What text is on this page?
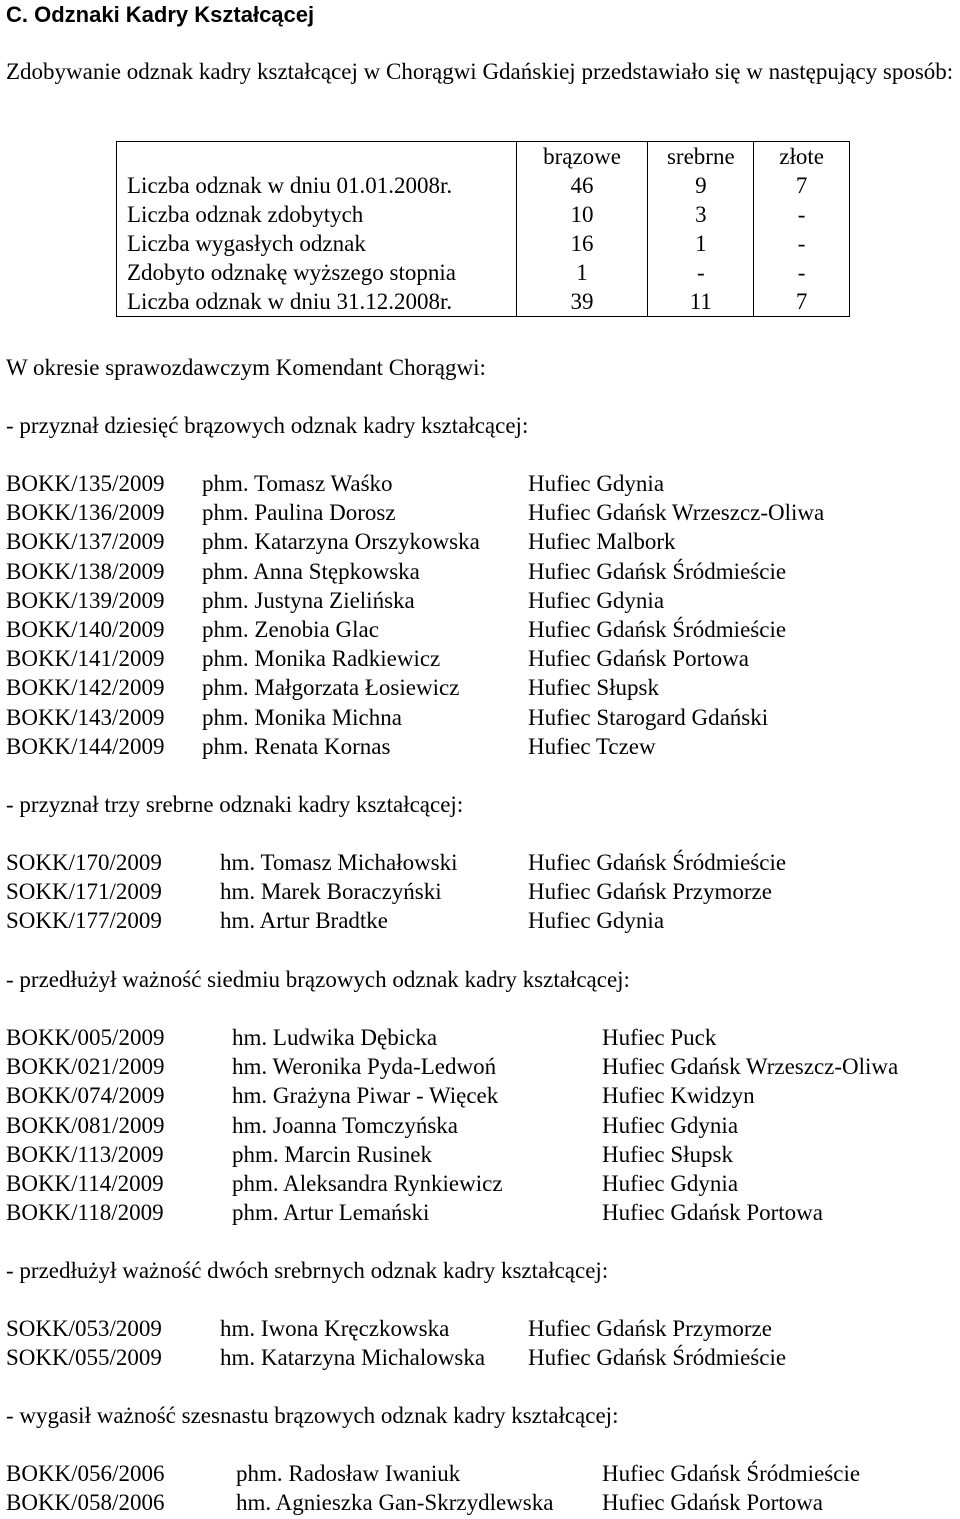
C. Odznaki Kadry Kształcącej

Zdobywanie odznak kadry kształcącej w Chorągwi Gdańskiej przedstawiało się w następujący sposób:

	brązowe	srebrne	złote
Liczba odznak w dniu 01.01.2008r.	46	9	7
Liczba odznak zdobytych	10	3	-
Liczba wygasłych odznak	16	1	-
Zdobyto odznakę wyższego stopnia	1	-	-
Liczba odznak w dniu 31.12.2008r.	39	11	7

W okresie sprawozdawczym Komendant Chorągwi:

- przyznał dziesięć brązowych odznak kadry kształcącej:

BOKK/135/2009 phm. Tomasz Waśko	Hufiec Gdynia
BOKK/136/2009 phm. Paulina Dorosz	Hufiec Gdańsk Wrzeszcz-Oliwa
BOKK/137/2009 phm. Katarzyna Orszykowska Hufiec Malbork
BOKK/138/2009 phm. Anna Stępkowska	Hufiec Gdańsk Śródmieście
BOKK/139/2009 phm. Justyna Zielińska	Hufiec Gdynia
BOKK/140/2009 phm. Zenobia Glac	Hufiec Gdańsk Śródmieście
BOKK/141/2009 phm. Monika Radkiewicz	Hufiec Gdańsk Portowa
BOKK/142/2009 phm. Małgorzata Łosiewicz	Hufiec Słupsk
BOKK/143/2009 phm. Monika Michna	Hufiec Starogard Gdański
BOKK/144/2009 phm. Renata Kornas	Hufiec Tczew

- przyznał trzy srebrne odznaki kadry kształcącej:

SOKK/170/2009	hm. Tomasz Michałowski	Hufiec Gdańsk Śródmieście
SOKK/171/2009	hm. Marek Boraczyński	Hufiec Gdańsk Przymorze
SOKK/177/2009	hm. Artur Bradtke	Hufiec Gdynia

- przedłużył ważność siedmiu brązowych odznak kadry kształcącej:

BOKK/005/2009	hm. Ludwika Dębicka	Hufiec Puck
BOKK/021/2009	hm. Weronika Pyda-Ledwoń	Hufiec Gdańsk Wrzeszcz-Oliwa
BOKK/074/2009	hm. Grażyna Piwar - Więcek	Hufiec Kwidzyn
BOKK/081/2009	hm. Joanna Tomczyńska	Hufiec Gdynia
BOKK/113/2009	phm. Marcin Rusinek	Hufiec Słupsk
BOKK/114/2009	phm. Aleksandra Rynkiewicz	Hufiec Gdynia
BOKK/118/2009	phm. Artur Lemański	Hufiec Gdańsk Portowa

- przedłużył ważność dwóch srebrnych odznak kadry kształcącej:

SOKK/053/2009	hm. Iwona Kręczkowska	Hufiec Gdańsk Przymorze
SOKK/055/2009	hm. Katarzyna Michalowska Hufiec Gdańsk Śródmieście

- wygasił ważność szesnastu brązowych odznak kadry kształcącej:

BOKK/056/2006	phm. Radosław Iwaniuk	Hufiec Gdańsk Śródmieście
BOKK/058/2006	hm. Agnieszka Gan-Skrzydlewska Hufiec Gdańsk Portowa
